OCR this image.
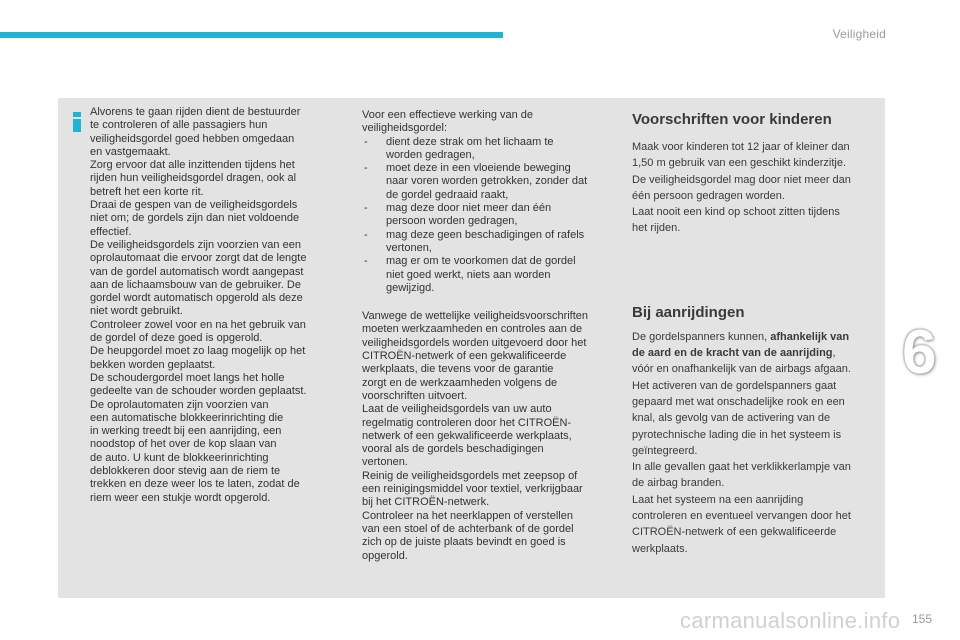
Veiligheid
6

Alvorens te gaan rijden dient de bestuurder

te controleren of alle passagiers hun

veiligheidsgordel goed hebben omgedaan

en vastgemaakt.

Zorg ervoor dat alle inzittenden tijdens het

rijden hun veiligheidsgordel dragen, ook al

betreft het een korte rit.

Draai de gespen van de veiligheidsgordels

niet om; de gordels zijn dan niet voldoende

effectief.

De veiligheidsgordels zijn voorzien van een

oprolautomaat die ervoor zorgt dat de lengte

van de gordel automatisch wordt aangepast

aan de lichaamsbouw van de gebruiker. De

gordel wordt automatisch opgerold als deze

niet wordt gebruikt.

Controleer zowel voor en na het gebruik van

de gordel of deze goed is opgerold.

De heupgordel moet zo laag mogelijk op het

bekken worden geplaatst.

De schoudergordel moet langs het holle

gedeelte van de schouder worden geplaatst.

De oprolautomaten zijn voorzien van

een automatische blokkeerinrichting die

in werking treedt bij een aanrijding, een

noodstop of het over de kop slaan van

de auto. U kunt de blokkeerinrichting

deblokkeren door stevig aan de riem te

trekken en deze weer los te laten, zodat de

riem weer een stukje wordt opgerold.

Voor een effectieve werking van de

veiligheidsgordel:

- dient deze strak om het lichaam te
worden gedragen,
- moet deze in een vloeiende beweging
naar voren worden getrokken, zonder dat
de gordel gedraaid raakt,
- mag deze door niet meer dan één
persoon worden gedragen,
- mag deze geen beschadigingen of rafels
vertonen,
- mag er om te voorkomen dat de gordel
niet goed werkt, niets aan worden
gewijzigd.

Vanwege de wettelijke veiligheidsvoorschriften

moeten werkzaamheden en controles aan de

veiligheidsgordels worden uitgevoerd door het

CITROËN-netwerk of een gekwalificeerde

werkplaats, die tevens voor de garantie

zorgt en de werkzaamheden volgens de

voorschriften uitvoert.

Laat de veiligheidsgordels van uw auto

regelmatig controleren door het CITROËN-

netwerk of een gekwalificeerde werkplaats,

vooral als de gordels beschadigingen

vertonen.

Reinig de veiligheidsgordels met zeepsop of

een reinigingsmiddel voor textiel, verkrijgbaar

bij het CITROËN-netwerk.

Controleer na het neerklappen of verstellen

van een stoel of de achterbank of de gordel

zich op de juiste plaats bevindt en goed is

opgerold.

Voorschriften voor kinderen

Maak voor kinderen tot 12 jaar of kleiner dan

1,50 m gebruik van een geschikt kinderzitje.

De veiligheidsgordel mag door niet meer dan

één persoon gedragen worden.

Laat nooit een kind op schoot zitten tijdens

het rijden.

Bij aanrijdingen

De gordelspanners kunnen, afhankelijk van

de aard en de kracht van de aanrijding,

vóór en onafhankelijk van de airbags afgaan.

Het activeren van de gordelspanners gaat

gepaard met wat onschadelijke rook en een

knal, als gevolg van de activering van de

pyrotechnische lading die in het systeem is

geïntegreerd.

In alle gevallen gaat het verklikkerlampje van

de airbag branden.

Laat het systeem na een aanrijding

controleren en eventueel vervangen door het

CITROËN-netwerk of een gekwalificeerde

werkplaats.

carmanualsonline.info 155
